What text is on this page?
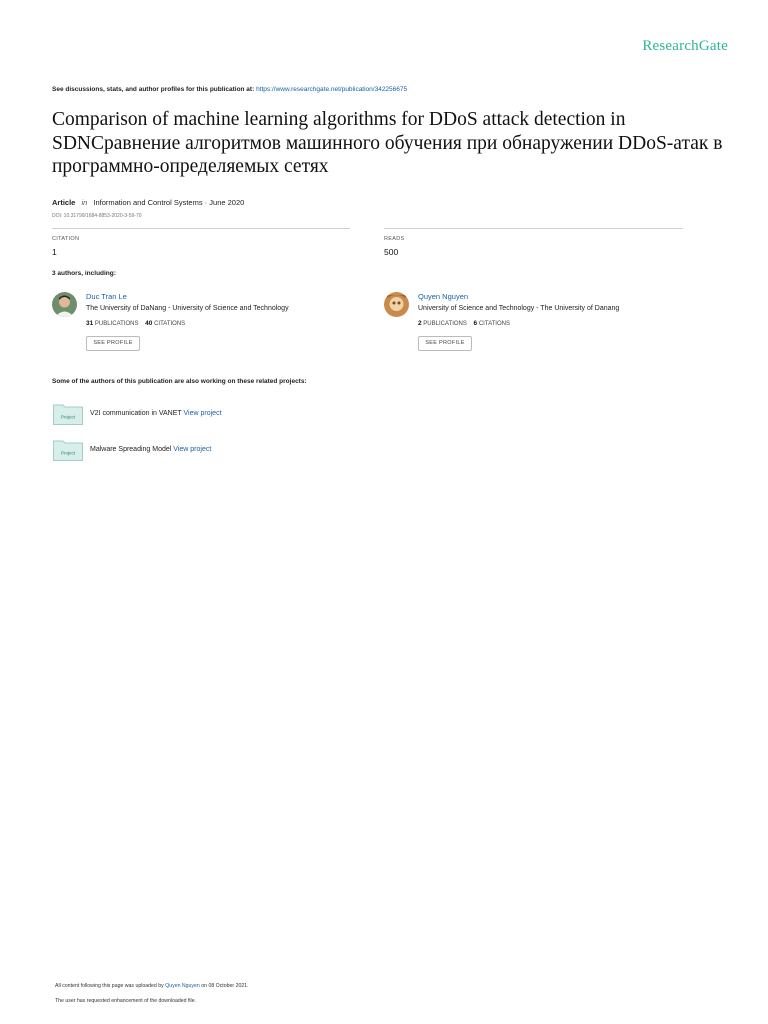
ResearchGate
See discussions, stats, and author profiles for this publication at: https://www.researchgate.net/publication/342256675
Comparison of machine learning algorithms for DDoS attack detection in SDNСравнение алгоритмов машинного обучения при обнаружении DDoS-атак в программно-определяемых сетях
Article in Information and Control Systems · June 2020
DOI: 10.31799/1684-8853-2020-3-59-70
CITATION
1
READS
500
3 authors, including:
Duc Tran Le
The University of DaNang - University of Science and Technology
31 PUBLICATIONS 40 CITATIONS
SEE PROFILE
Quyen Nguyen
University of Science and Technology - The University of Danang
2 PUBLICATIONS 6 CITATIONS
SEE PROFILE
Some of the authors of this publication are also working on these related projects:
Project V2I communication in VANET View project
Project Malware Spreading Model View project
All content following this page was uploaded by Quyen Nguyen on 08 October 2021.
The user has requested enhancement of the downloaded file.
